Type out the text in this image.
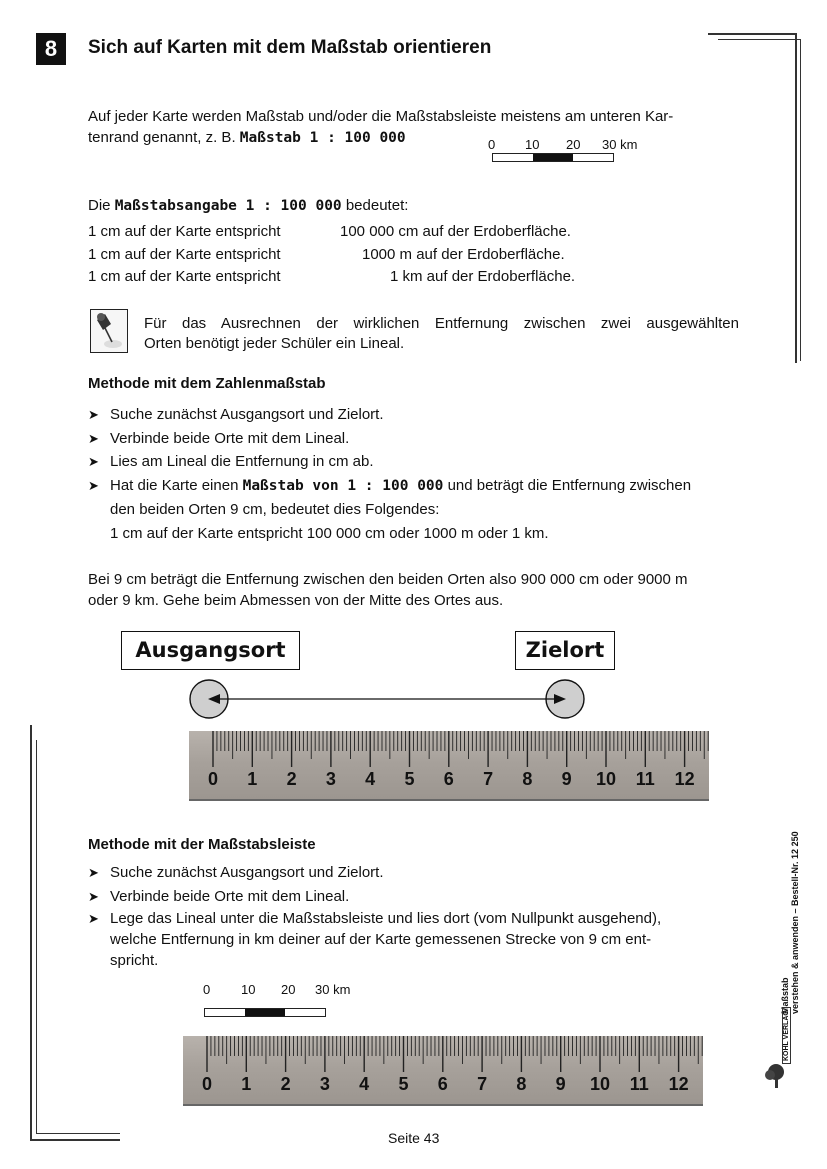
8	Sich auf Karten mit dem Maßstab orientieren
Auf jeder Karte werden Maßstab und/oder die Maßstabsleiste meistens am unteren Kar-
tenrand genannt, z. B. Maßstab 1 : 100 000	0 10 20 30 km
Die Maßstabsangabe 1 : 100 000 bedeutet:
1 cm auf der Karte entspricht	100 000 cm auf der Erdoberfläche.
1 cm auf der Karte entspricht	1000 m auf der Erdoberfläche.
1 cm auf der Karte entspricht	1 km auf der Erdoberfläche.
Für das Ausrechnen der wirklichen Entfernung zwischen zwei ausgewählten
Orten benötigt jeder Schüler ein Lineal.
Methode mit dem Zahlenmaßstab
➤ Suche zunächst Ausgangsort und Zielort.
➤ Verbinde beide Orte mit dem Lineal.
➤ Lies am Lineal die Entfernung in cm ab.
➤ Hat die Karte einen Maßstab von 1 : 100 000 und beträgt die Entfernung zwischen
den beiden Orten 9 cm, bedeutet dies Folgendes:
1 cm auf der Karte entspricht 100 000 cm oder 1000 m oder 1 km.
Bei 9 cm beträgt die Entfernung zwischen den beiden Orten also 900 000 cm oder 9000 m
oder 9 km. Gehe beim Abmessen von der Mitte des Ortes aus.
Ausgangsort	Zielort
0	1	2	3	4	5	6	7	8	9	10	11	12
Methode mit der Maßstabsleiste
➤ Suche zunächst Ausgangsort und Zielort.
➤ Verbinde beide Orte mit dem Lineal.
➤ Lege das Lineal unter die Maßstabsleiste und lies dort (vom Nullpunkt ausgehend),
welche Entfernung in km deiner auf der Karte gemessenen Strecke von 9 cm ent-
spricht.
0 10 20 30 km
0	1	2	3	4	5	6	7	8	9	10	11	12
Maßstab verstehen & anwenden – Bestell-Nr. 12 250
KOHL VERLAG
Seite 43
